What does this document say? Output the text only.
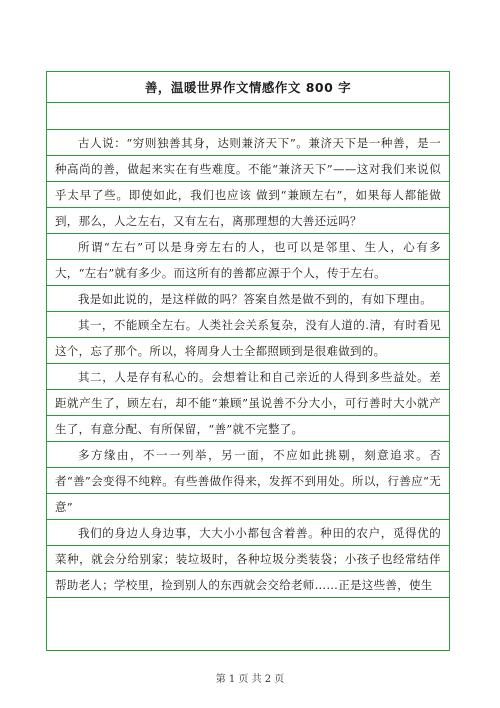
善，温暖世界作文情感作文 800 字
古人说：“穷则独善其身，达则兼济天下”。兼济天下是一种善，是一种高尚的善，做起来实在有些难度。不能“兼济天下”——这对我们来说似乎太早了些。即使如此，我们也应该 做到“兼顾左右”，如果每人都能做到，那么，人之左右，又有左右，离那理想的大善还远吗？
所谓“左右”可以是身旁左右的人，也可以是邻里、生人，心有多大，“左右”就有多少。而这所有的善都应源于个人，传于左右。
我是如此说的，是这样做的吗？答案自然是做不到的，有如下理由。
其一，不能顾全左右。人类社会关系复杂，没有人道的.清，有时看见这个，忘了那个。所以，将周身人士全都照顾到是很难做到的。
其二，人是存有私心的。会想着让和自己亲近的人得到多些益处。差距就产生了，顾左右，却不能“兼顾”虽说善不分大小，可行善时大小就产生了，有意分配、有所保留，“善”就不完整了。
多方缘由，不一一列举，另一面，不应如此挑剔，刻意追求。否者“善”会变得不纯粹。有些善做作得来，发挥不到用处。所以，行善应“无意”
我们的身边人身边事，大大小小都包含着善。种田的农户，觅得优的菜种，就会分给别家；装垃圾时，各种垃圾分类装袋；小孩子也经常结伴帮助老人；学校里，捡到别人的东西就会交给老师……正是这些善，使生
第 1 页 共 2 页
